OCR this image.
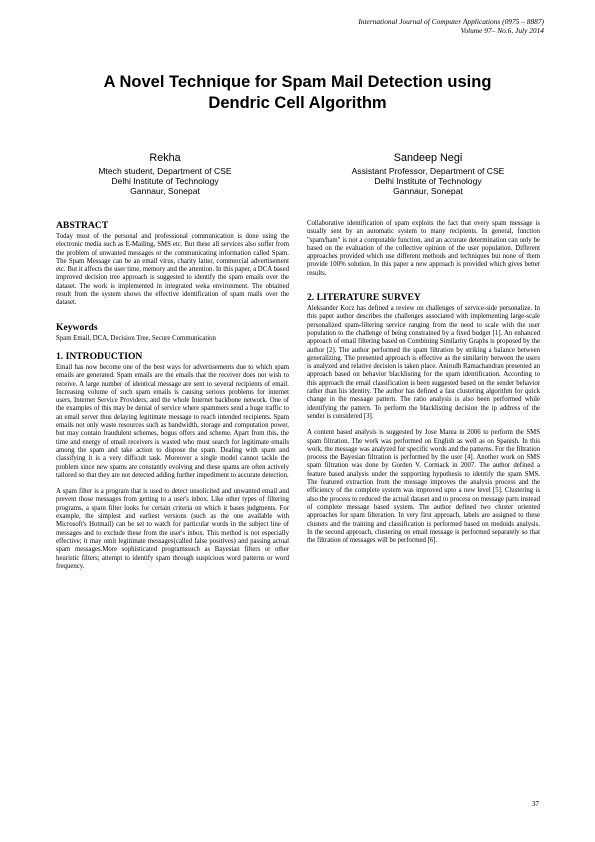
International Journal of Computer Applications (0975 – 8887)
Volume 97– No.6, July 2014
A Novel Technique for Spam Mail Detection using
Dendric Cell Algorithm
Rekha
Mtech student, Department of CSE
Delhi Institute of Technology
Gannaur, Sonepat
Sandeep Negi
Assistant Professor, Department of CSE
Delhi Institute of Technology
Gannaur, Sonepat
ABSTRACT

Today most of the personal and professional communication is done using the electronic media such as E-Mailing, SMS etc. But these all services also suffer from the problem of unwanted messages or the communicating information called Spam. The Spam Message can be an email virus, charity latter, commercial advertisement etc. But it affects the user time, memory and the attention. In this paper, a DCA based improved decision tree approach is suggested to identify the spam emails over the dataset. The work is implemented in integrated weka environment. The obtained result from the system shows the effective identification of spam mails over the dataset.

Keywords

Spam Email, DCA, Decision Tree, Secure Communication

1. INTRODUCTION

Email has now become one of the best ways for advertisements due to which spam emails are generated. Spam emails are the emails that the receiver does not wish to receive. A large number of identical message are sent to several recipients of email. Increasing volume of such spam emails is causing serious problems for internet users, Internet Service Providers, and the whole Internet backbone network. One of the examples of this may be denial of service where spammers send a huge traffic to an email server thus delaying legitimate message to reach intended recipients. Spam emails not only waste resources such as bandwidth, storage and computation power, but may contain fraudulent schemes, bogus offers and scheme. Apart from this, the time and energy of email receivers is wasted who must search for legitimate emails among the spam and take action to dispose the spam. Dealing with spam and classifying it is a very difficult task. Moreover a single model cannot tackle the problem since new spams are constantly evolving and these spams are often actively tailored so that they are not detected adding further impediment to accurate detection.

A spam filter is a program that is used to detect unsolicited and unwanted email and prevent those messages from getting to a user's inbox. Like other types of filtering programs, a spam filter looks for certain criteria on which it bases judgments. For example, the simplest and earliest versions (such as the one available with Microsoft's Hotmail) can be set to watch for particular words in the subject line of messages and to exclude these from the user's inbox. This method is not especially effective; it may omit legitimate messages(called false positives) and passing actual spam messages.More sophisticated programssuch as Bayesian filters or other heuristic filters; attempt to identify spam through suspicious word patterns or word frequency.

Collaborative identification of spam exploits the fact that every spam message is usually sent by an automatic system to many recipients. In general, function "spam/ham" is not a computable function, and an accurate determination can only be based on the evaluation of the collective opinion of the user population. Different approaches provided which use different methods and techniques but none of them provide 100% solution. In this paper a new approach is provided which gives better results.

2. LITERATURE SURVEY

Aleksander Kocz has defined a review on challenges of service-side personalize. In this paper author describes the challenges associated with implementing large-scale personalized spam-filtering service ranging from the need to scale with the user population to the challenge of being constrained by a fixed budget [1]. An enhanced approach of email filtering based on Combining Similarity Graphs is proposed by the author [2]. The author performed the spam filtration by striking a balance between generalizing. The presented approach is effective as the similarity between the users is analyzed and relative decision is taken place. Anirudh Ramachandran presented an approach based on behavior blacklisting for the spam identification. According to this approach the email classification is been suggested based on the sender behavior rather than his identity. The author has defined a fast clustering algorithm for quick change in the message pattern. The ratio analysis is also been performed while identifying the pattern. To perform the blacklisting decision the ip address of the sender is considered [3].

A content based analysis is suggested by Jose Marea in 2006 to perform the SMS spam filtration. The work was performed on English as well as on Spanish. In this work, the message was analyzed for specific words and the patterns. For the filtration process the Bayesian filtration is performed by the user [4]. Another work on SMS spam filtration was done by Gorden V. Cormack in 2007. The author defined a feature based analysis under the supporting hypothesis to identify the spam SMS. The featured extraction from the message improves the analysis process and the efficiency of the complete system was improved upto a new level [5]. Clustering is also the process to reduced the actual dataset and to process on message parts instead of complete message based system. The author defined two cluster oriented approaches for spam filteration. In very first approach, labels are assigned to these clusters and the training and classification is performed based on medoids analysis. In the second approach, clustering on email message is performed separately so that the filtration of messages will be performed [6].

37
